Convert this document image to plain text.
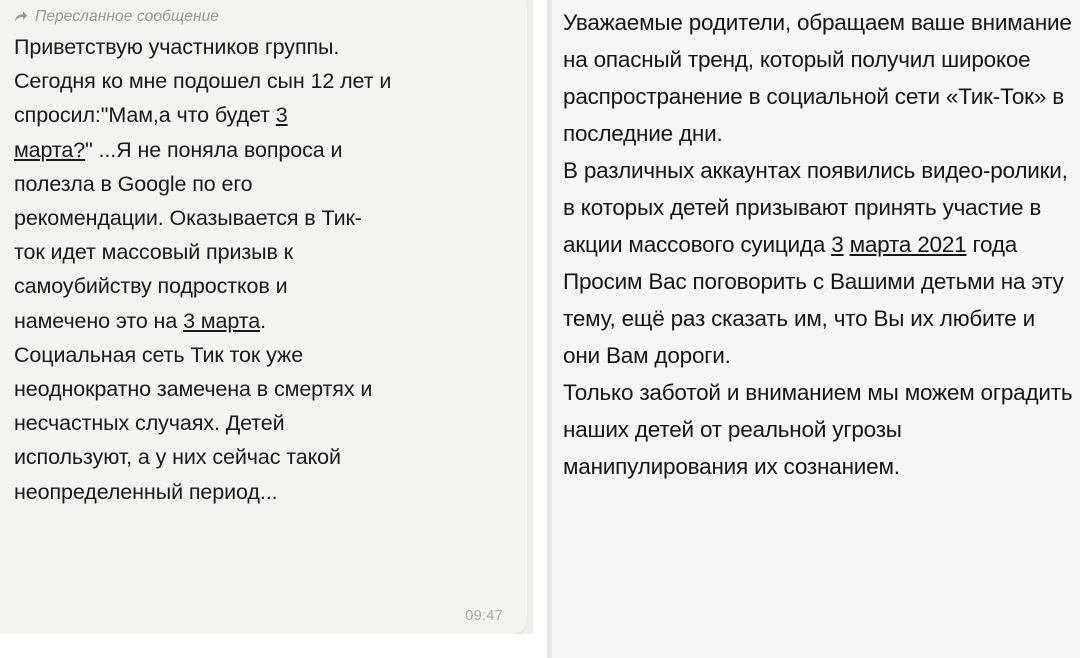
Пересланное сообщение
Приветствую участников группы.
Сегодня ко мне подошел сын 12 лет и
спросил:"Мам,а что будет 3
марта?" ...Я не поняла вопроса и
полезла в Google по его
рекомендации. Оказывается в Тик-
ток идет массовый призыв к
самоубийству подростков и
намечено это на 3 марта.
Социальная сеть Тик ток уже
неоднократно замечена в смертях и
несчастных случаях. Детей
используют, а у них сейчас такой
неопределенный период...
09:47

Уважаемые родители, обращаем ваше внимание на опасный тренд, который получил широкое распространение в социальной сети «Тик-Ток» в последние дни.

В различных аккаунтах появились видео-ролики, в которых детей призывают принять участие в акции массового суицида 3 марта 2021 года

Просим Вас поговорить с Вашими детьми на эту тему, ещё раз сказать им, что Вы их любите и они Вам дороги.

Только заботой и вниманием мы можем оградить наших детей от реальной угрозы манипулирования их сознанием.
